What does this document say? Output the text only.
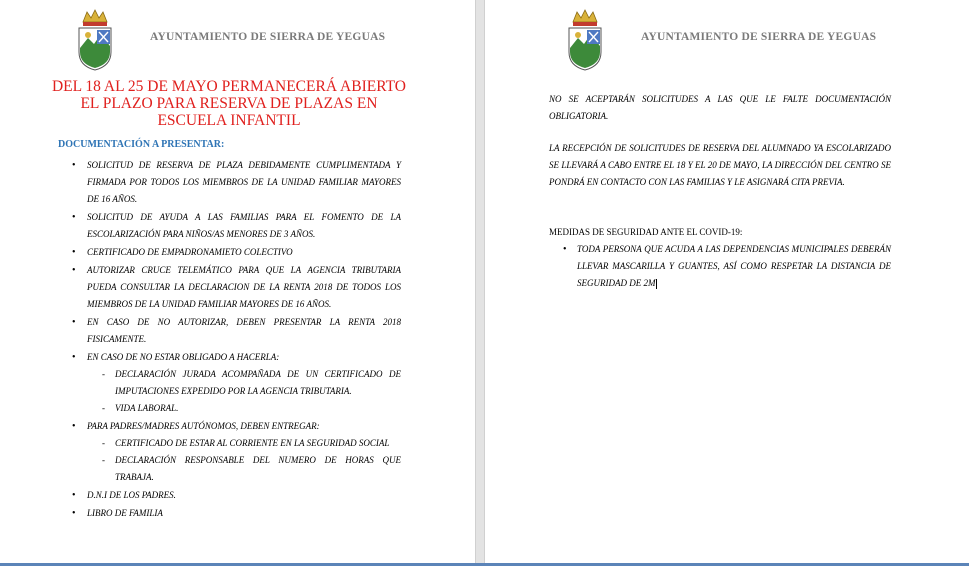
AYUNTAMIENTO DE SIERRA DE YEGUAS
DEL 18 AL 25 DE MAYO PERMANECERÁ ABIERTO EL PLAZO PARA RESERVA DE PLAZAS EN ESCUELA INFANTIL
DOCUMENTACIÓN A PRESENTAR:
• SOLICITUD DE RESERVA DE PLAZA DEBIDAMENTE CUMPLIMENTADA Y FIRMADA POR TODOS LOS MIEMBROS DE LA UNIDAD FAMILIAR MAYORES DE 16 AÑOS.
• SOLICITUD DE AYUDA A LAS FAMILIAS PARA EL FOMENTO DE LA ESCOLARIZACIÓN PARA NIÑOS/AS MENORES DE 3 AÑOS.
• CERTIFICADO DE EMPADRONAMIETO COLECTIVO
• AUTORIZAR CRUCE TELEMÁTICO PARA QUE LA AGENCIA TRIBUTARIA PUEDA CONSULTAR LA DECLARACION DE LA RENTA 2018 DE TODOS LOS MIEMBROS DE LA UNIDAD FAMILIAR MAYORES DE 16 AÑOS.
• EN CASO DE NO AUTORIZAR, DEBEN PRESENTAR LA RENTA 2018 FISICAMENTE.
• EN CASO DE NO ESTAR OBLIGADO A HACERLA:
- DECLARACIÓN JURADA ACOMPAÑADA DE UN CERTIFICADO DE IMPUTACIONES EXPEDIDO POR LA AGENCIA TRIBUTARIA.
- VIDA LABORAL.
• PARA PADRES/MADRES AUTÓNOMOS, DEBEN ENTREGAR:
- CERTIFICADO DE ESTAR AL CORRIENTE EN LA SEGURIDAD SOCIAL
- DECLARACIÓN RESPONSABLE DEL NUMERO DE HORAS QUE TRABAJA.
• D.N.I DE LOS PADRES.
• LIBRO DE FAMILIA
AYUNTAMIENTO DE SIERRA DE YEGUAS

NO SE ACEPTARÁN SOLICITUDES A LAS QUE LE FALTE DOCUMENTACIÓN OBLIGATORIA.

LA RECEPCIÓN DE SOLICITUDES DE RESERVA DEL ALUMNADO YA ESCOLARIZADO SE LLEVARÁ A CABO ENTRE EL 18 Y EL 20 DE MAYO, LA DIRECCIÓN DEL CENTRO SE PONDRÁ EN CONTACTO CON LAS FAMILIAS Y LE ASIGNARÁ CITA PREVIA.

MEDIDAS DE SEGURIDAD ANTE EL COVID-19:
• TODA PERSONA QUE ACUDA A LAS DEPENDENCIAS MUNICIPALES DEBERÁN LLEVAR MASCARILLA Y GUANTES, ASÍ COMO RESPETAR LA DISTANCIA DE SEGURIDAD DE 2M
